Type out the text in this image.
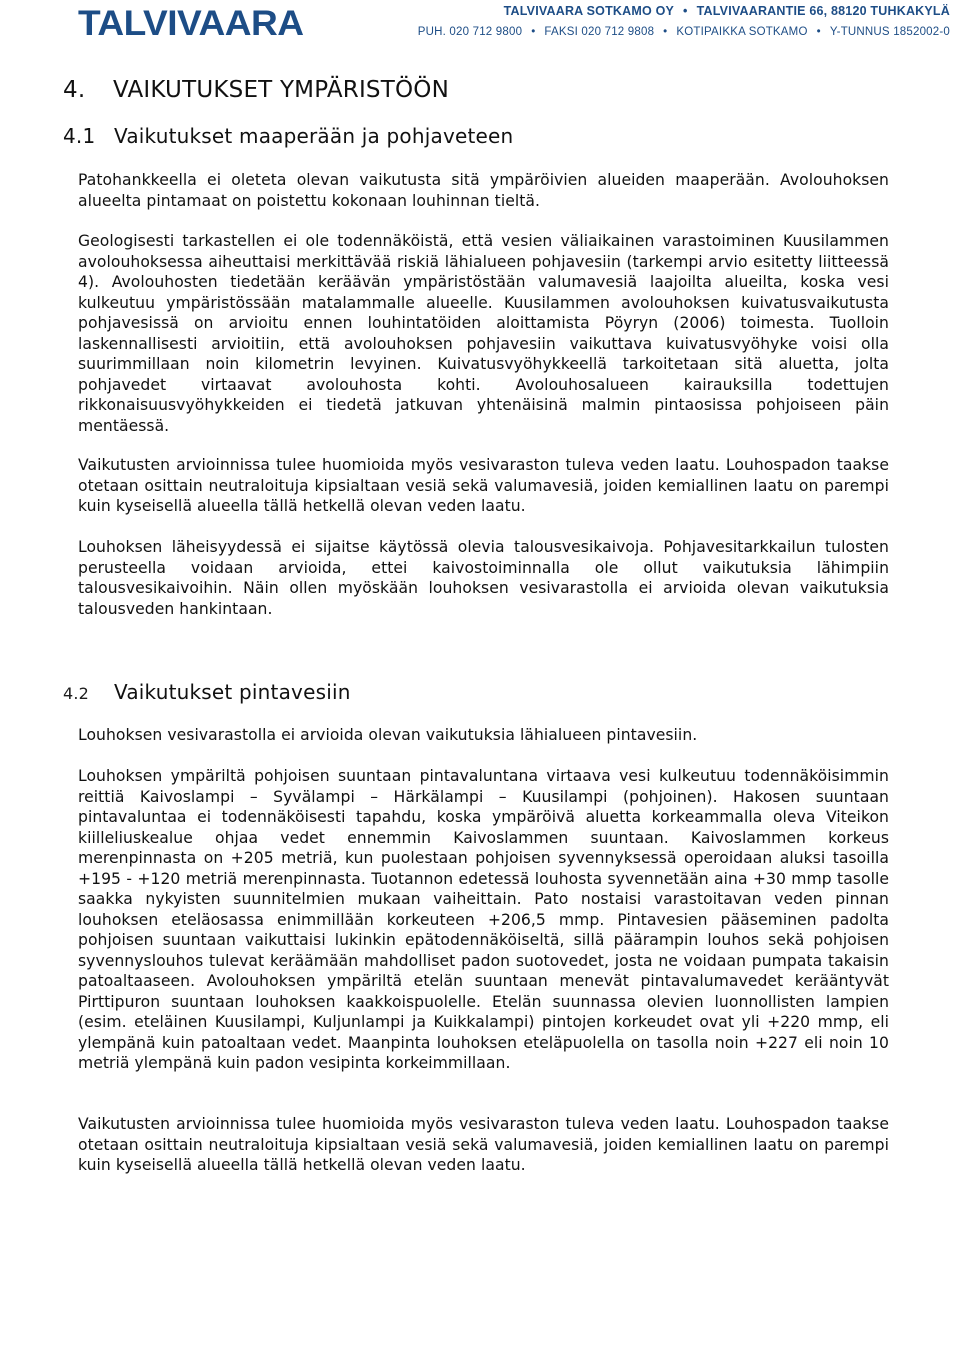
TALVIVAARA	TALVIVAARA SOTKAMO OY • TALVIVAARANTIE 66, 88120 TUHKAKYLÄ
PUH. 020 712 9800 • FAKSI 020 712 9808 • KOTIPAIKKA SOTKAMO • Y-TUNNUS 1852002-0
4. VAIKUTUKSET YMPÄRISTÖÖN
4.1 Vaikutukset maaperään ja pohjaveteen

Patohankkeella ei oleteta olevan vaikutusta sitä ympäröivien alueiden maaperään. Avolouhoksen alueelta pintamaat on poistettu kokonaan louhinnan tieltä.

Geologisesti tarkastellen ei ole todennäköistä, että vesien väliaikainen varastoiminen Kuusilammen avolouhoksessa aiheuttaisi merkittävää riskiä lähialueen pohjavesiin (tarkempi arvio esitetty liitteessä 4). Avolouhosten tiedetään keräävän ympäristöstään valumavesiä laajoilta alueilta, koska vesi kulkeutuu ympäristössään matalammalle alueelle. Kuusilammen avolouhoksen kuivatusvaikutusta pohjavesissä on arvioitu ennen louhintatöiden aloittamista Pöyryn (2006) toimesta. Tuolloin laskennallisesti arvioitiin, että avolouhoksen pohjavesiin vaikuttava kuivatusvyöhyke voisi olla suurimmillaan noin kilometrin levyinen. Kuivatusvyöhykkeellä tarkoitetaan sitä aluetta, jolta pohjavedet virtaavat avolouhosta kohti. Avolouhosalueen kairauksilla todettujen rikkonaisuusvyöhykkeiden ei tiedetä jatkuvan yhtenäisinä malmin pintaosissa pohjoiseen päin mentäessä.

Vaikutusten arvioinnissa tulee huomioida myös vesivaraston tuleva veden laatu. Louhospadon taakse otetaan osittain neutraloituja kipsialtaan vesiä sekä valumavesiä, joiden kemiallinen laatu on parempi kuin kyseisellä alueella tällä hetkellä olevan veden laatu.

Louhoksen läheisyydessä ei sijaitse käytössä olevia talousvesikaivoja. Pohjavesitarkkailun tulosten perusteella voidaan arvioida, ettei kaivostoiminnalla ole ollut vaikutuksia lähimpiin talousvesikaivoihin. Näin ollen myöskään louhoksen vesivarastolla ei arvioida olevan vaikutuksia talousveden hankintaan.

4.2 Vaikutukset pintavesiin

Louhoksen vesivarastolla ei arvioida olevan vaikutuksia lähialueen pintavesiin.

Louhoksen ympäriltä pohjoisen suuntaan pintavaluntana virtaava vesi kulkeutuu todennäköisimmin reittiä Kaivoslampi – Syvälampi – Härkälampi – Kuusilampi (pohjoinen). Hakosen suuntaan pintavaluntaa ei todennäköisesti tapahdu, koska ympäröivä aluetta korkeammalla oleva Viteikon kiilleliuskealue ohjaa vedet ennemmin Kaivoslammen suuntaan. Kaivoslammen korkeus merenpinnasta on +205 metriä, kun puolestaan pohjoisen syvennyksessä operoidaan aluksi tasoilla +195 - +120 metriä merenpinnasta. Tuotannon edetessä louhosta syvennetään aina +30 mmp tasolle saakka nykyisten suunnitelmien mukaan vaiheittain. Pato nostaisi varastoitavan veden pinnan louhoksen eteläosassa enimmillään korkeuteen +206,5 mmp. Pintavesien pääseminen padolta pohjoisen suuntaan vaikuttaisi lukinkin epätodennäköiseltä, sillä päärampin louhos sekä pohjoisen syvennyslouhos tulevat keräämään mahdolliset padon suotovedet, josta ne voidaan pumpata takaisin patoaltaaseen. Avolouhoksen ympäriltä etelän suuntaan menevät pintavalumavedet kerääntyvät Pirttipuron suuntaan louhoksen kaakkoispuolelle. Etelän suunnassa olevien luonnollisten lampien (esim. eteläinen Kuusilampi, Kuljunlampi ja Kuikkalampi) pintojen korkeudet ovat yli +220 mmp, eli ylempänä kuin patoaltaan vedet. Maanpinta louhoksen eteläpuolella on tasolla noin +227 eli noin 10 metriä ylempänä kuin padon vesipinta korkeimmillaan.

Vaikutusten arvioinnissa tulee huomioida myös vesivaraston tuleva veden laatu. Louhospadon taakse otetaan osittain neutraloituja kipsialtaan vesiä sekä valumavesiä, joiden kemiallinen laatu on parempi kuin kyseisellä alueella tällä hetkellä olevan veden laatu.
